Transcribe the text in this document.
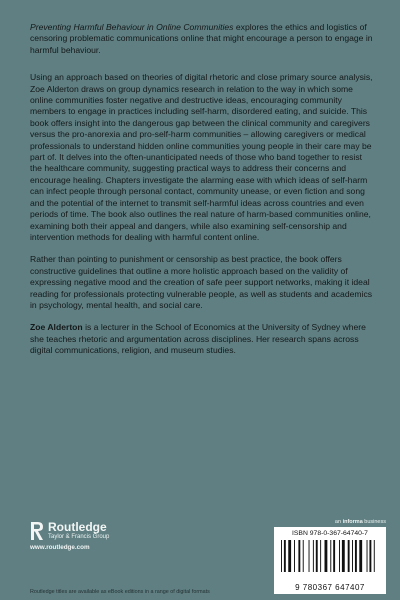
Preventing Harmful Behaviour in Online Communities explores the ethics and logistics of censoring problematic communications online that might encourage a person to engage in harmful behaviour.

Using an approach based on theories of digital rhetoric and close primary source analysis, Zoe Alderton draws on group dynamics research in relation to the way in which some online communities foster negative and destructive ideas, encouraging community members to engage in practices including self-harm, disordered eating, and suicide. This book offers insight into the dangerous gap between the clinical community and caregivers versus the pro-anorexia and pro-self-harm communities – allowing caregivers or medical professionals to understand hidden online communities young people in their care may be part of. It delves into the often-unanticipated needs of those who band together to resist the healthcare community, suggesting practical ways to address their concerns and encourage healing. Chapters investigate the alarming ease with which ideas of self-harm can infect people through personal contact, community unease, or even fiction and song and the potential of the internet to transmit self-harmful ideas across countries and even periods of time. The book also outlines the real nature of harm-based communities online, examining both their appeal and dangers, while also examining self-censorship and intervention methods for dealing with harmful content online.

Rather than pointing to punishment or censorship as best practice, the book offers constructive guidelines that outline a more holistic approach based on the validity of expressing negative mood and the creation of safe peer support networks, making it ideal reading for professionals protecting vulnerable people, as well as students and academics in psychology, mental health, and social care.

Zoe Alderton is a lecturer in the School of Economics at the University of Sydney where she teaches rhetoric and argumentation across disciplines. Her research spans across digital communications, religion, and museum studies.

Routledge
Taylor & Francis Group
www.routledge.com
an informa business
ISBN 978-0-367-64740-7
9 780367 647407
Routledge titles are available as eBook editions in a range of digital formats
